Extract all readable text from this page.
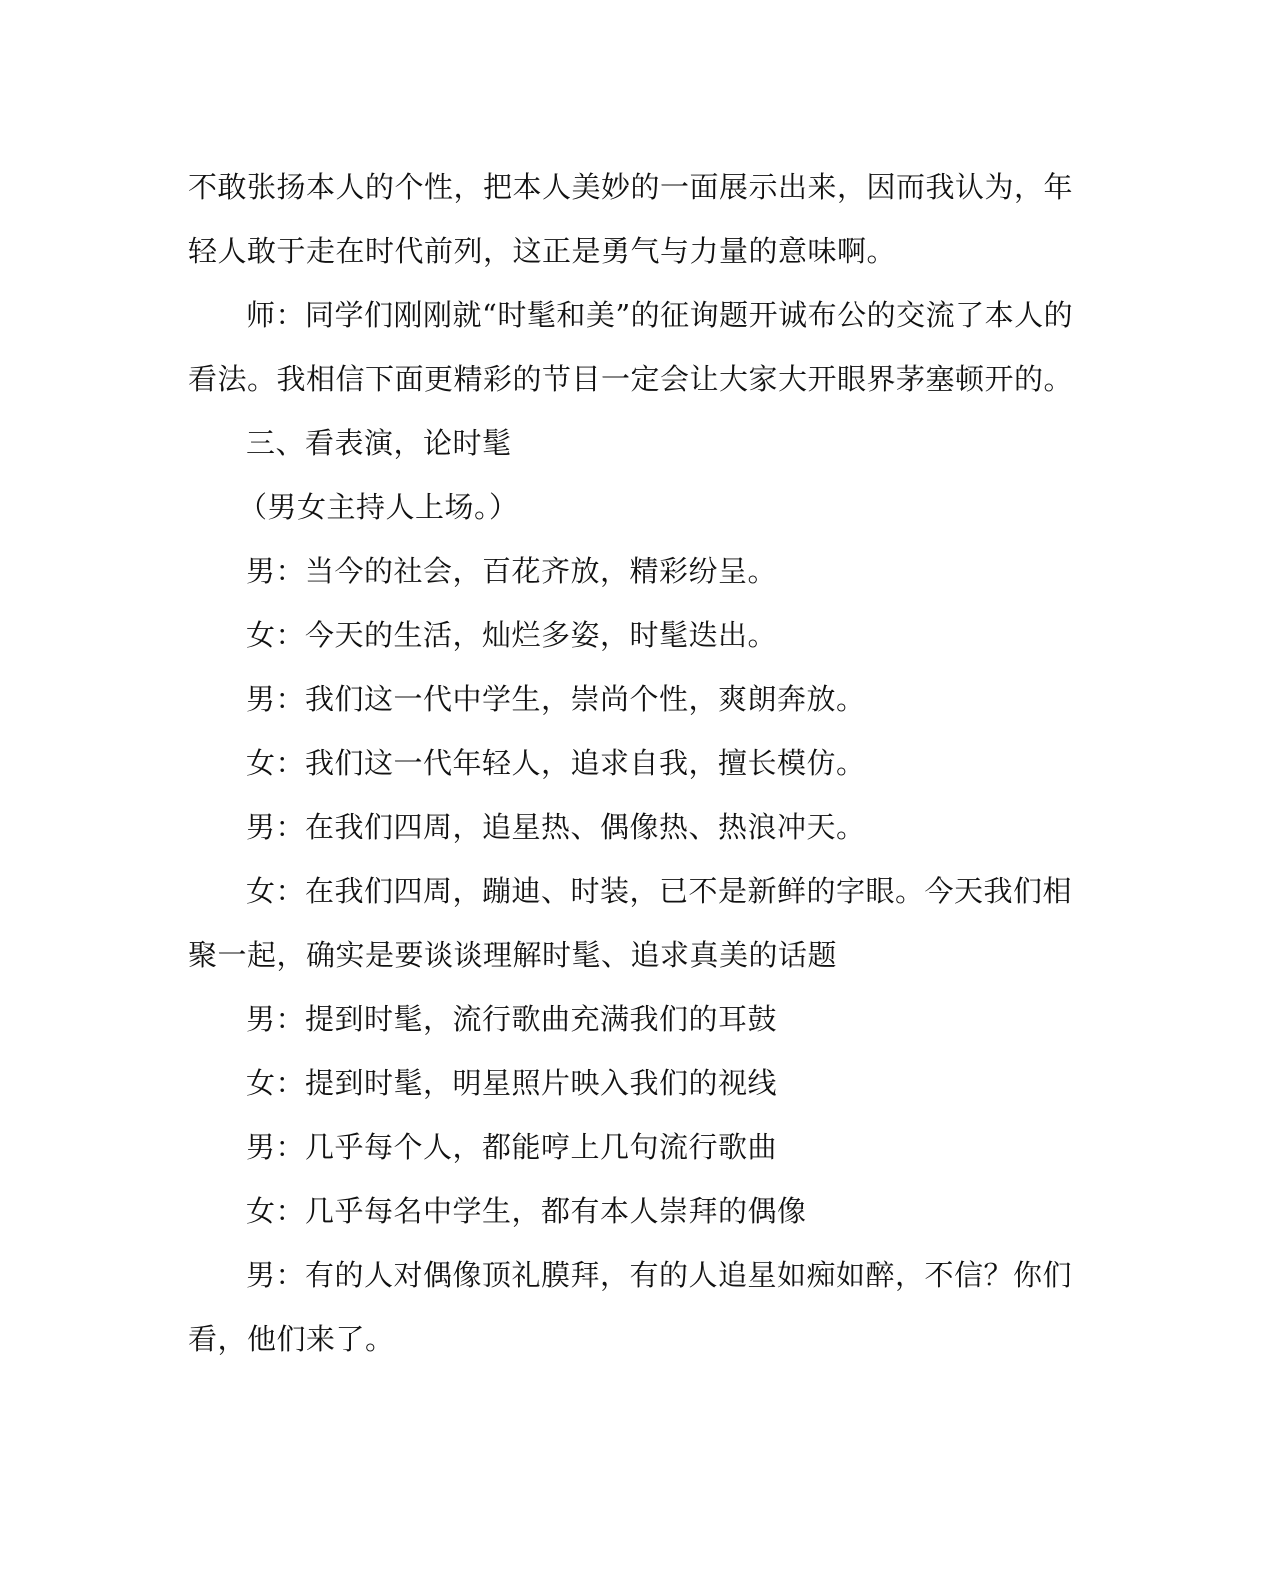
不敢张扬本人的个性，把本人美妙的一面展示出来，因而我认为，年

轻人敢于走在时代前列，这正是勇气与力量的意味啊。

师：同学们刚刚就“时髦和美”的征询题开诚布公的交流了本人的

看法。我相信下面更精彩的节目一定会让大家大开眼界茅塞顿开的。

三、看表演，论时髦

（男女主持人上场。）

男：当今的社会，百花齐放，精彩纷呈。

女：今天的生活，灿烂多姿，时髦迭出。

男：我们这一代中学生，崇尚个性，爽朗奔放。

女：我们这一代年轻人，追求自我，擅长模仿。

男：在我们四周，追星热、偶像热、热浪冲天。

女：在我们四周，蹦迪、时装，已不是新鲜的字眼。今天我们相

聚一起，确实是要谈谈理解时髦、追求真美的话题

男：提到时髦，流行歌曲充满我们的耳鼓

女：提到时髦，明星照片映入我们的视线

男：几乎每个人，都能哼上几句流行歌曲

女：几乎每名中学生，都有本人崇拜的偶像

男：有的人对偶像顶礼膜拜，有的人追星如痴如醉，不信？你们

看，他们来了。
